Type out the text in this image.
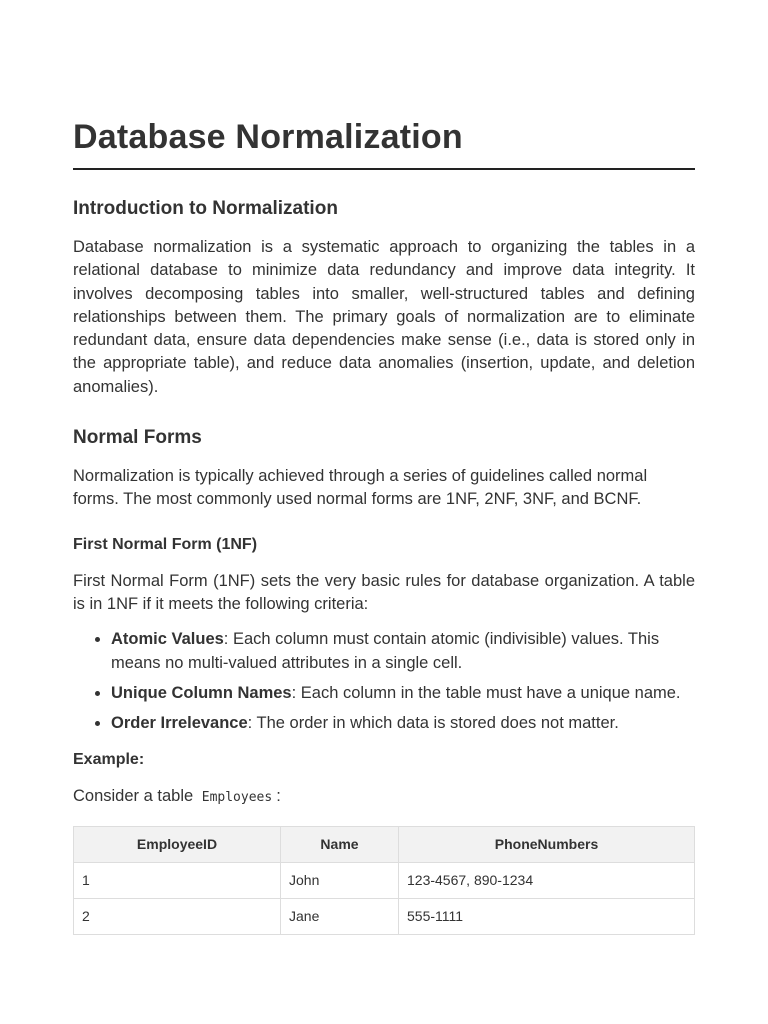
Database Normalization
Introduction to Normalization

Database normalization is a systematic approach to organizing the tables in a relational database to minimize data redundancy and improve data integrity. It involves decomposing tables into smaller, well-structured tables and defining relationships between them. The primary goals of normalization are to eliminate redundant data, ensure data dependencies make sense (i.e., data is stored only in the appropriate table), and reduce data anomalies (insertion, update, and deletion anomalies).

Normal Forms

Normalization is typically achieved through a series of guidelines called normal forms. The most commonly used normal forms are 1NF, 2NF, 3NF, and BCNF.

First Normal Form (1NF)

First Normal Form (1NF) sets the very basic rules for database organization. A table is in 1NF if it meets the following criteria:

• Atomic Values: Each column must contain atomic (indivisible) values. This means no multi-valued attributes in a single cell.
• Unique Column Names: Each column in the table must have a unique name.
• Order Irrelevance: The order in which data is stored does not matter.
Example:

Consider a table Employees :

EmployeeID	Name	PhoneNumbers
1	John	123-4567, 890-1234
2	Jane	555-1111
